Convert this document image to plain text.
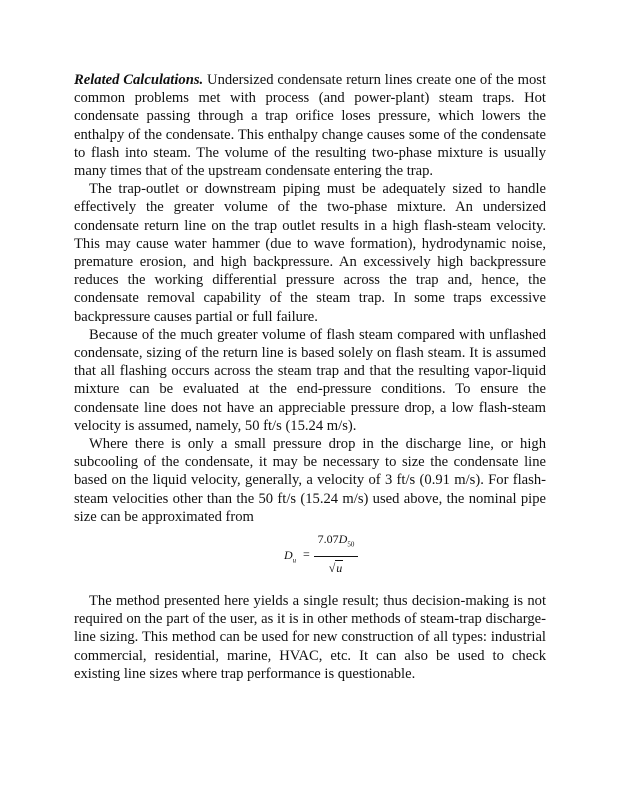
Related Calculations. Undersized condensate return lines create one of the most common problems met with process (and power-plant) steam traps. Hot condensate passing through a trap orifice loses pressure, which lowers the enthalpy of the condensate. This enthalpy change causes some of the condensate to flash into steam. The volume of the resulting two-phase mixture is usually many times that of the upstream condensate entering the trap.

The trap-outlet or downstream piping must be adequately sized to handle effectively the greater volume of the two-phase mixture. An undersized condensate return line on the trap outlet results in a high flash-steam velocity. This may cause water hammer (due to wave formation), hydrodynamic noise, premature erosion, and high backpressure. An excessively high backpressure reduces the working differential pressure across the trap and, hence, the condensate removal capability of the steam trap. In some traps excessive backpressure causes partial or full failure.

Because of the much greater volume of flash steam compared with unflashed condensate, sizing of the return line is based solely on flash steam. It is assumed that all flashing occurs across the steam trap and that the resulting vapor-liquid mixture can be evaluated at the end-pressure conditions. To ensure the condensate line does not have an appreciable pressure drop, a low flash-steam velocity is assumed, namely, 50 ft/s (15.24 m/s).

Where there is only a small pressure drop in the discharge line, or high subcooling of the condensate, it may be necessary to size the condensate line based on the liquid velocity, generally, a velocity of 3 ft/s (0.91 m/s). For flash-steam velocities other than the 50 ft/s (15.24 m/s) used above, the nominal pipe size can be approximated from

$D_u$ =
$7.07D_{50}$
√u

The method presented here yields a single result; thus decision-making is not required on the part of the user, as it is in other methods of steam-trap discharge-line sizing. This method can be used for new construction of all types: industrial commercial, residential, marine, HVAC, etc. It can also be used to check existing line sizes where trap performance is questionable.
